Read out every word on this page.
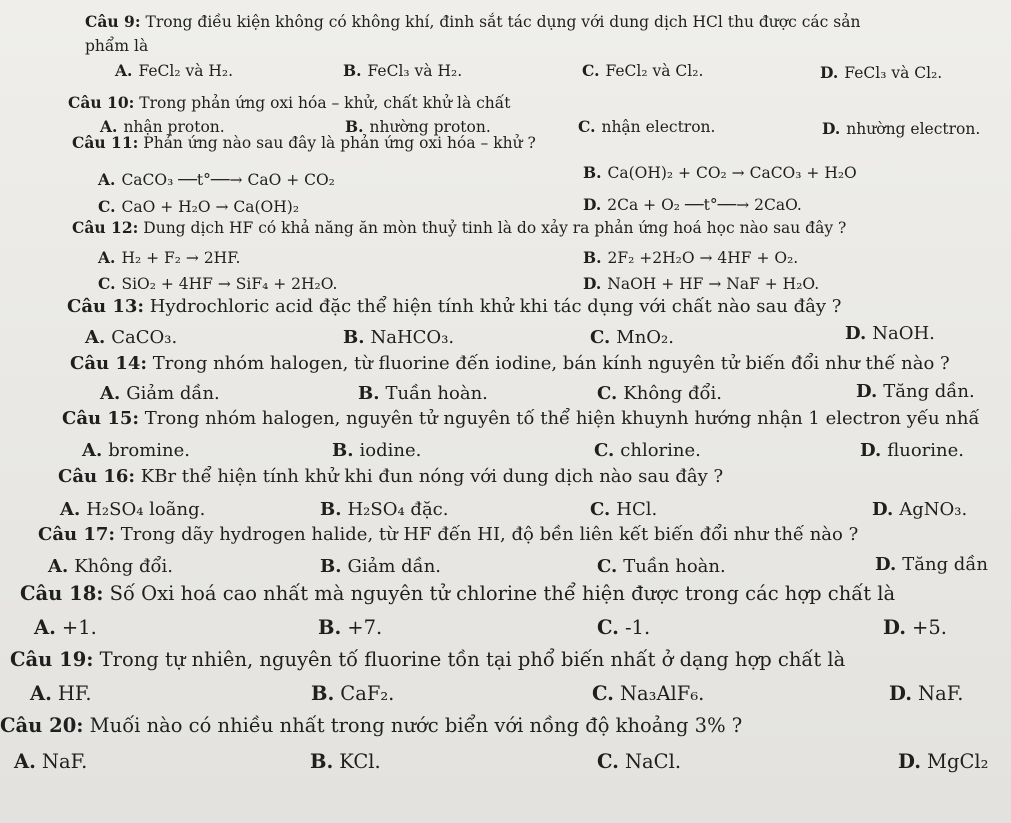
Câu 9: Trong điều kiện không có không khí, đinh sắt tác dụng với dung dịch HCl thu được các sản
phẩm là
A. FeCl₂ và H₂.	B. FeCl₃ và H₂.	C. FeCl₂ và Cl₂.	D. FeCl₃ và Cl₂.
Câu 10: Trong phản ứng oxi hóa – khử, chất khử là chất
A. nhận proton.	B. nhường proton.	C. nhận electron.	D. nhường electron.
Câu 11: Phản ứng nào sau đây là phản ứng oxi hóa – khử ?
A. CaCO₃ ──t°──→ CaO + CO₂	B. Ca(OH)₂ + CO₂ → CaCO₃ + H₂O
C. CaO + H₂O → Ca(OH)₂	D. 2Ca + O₂ ──t°──→ 2CaO.
Câu 12: Dung dịch HF có khả năng ăn mòn thuỷ tinh là do xảy ra phản ứng hoá học nào sau đây ?
A. H₂ + F₂ → 2HF.	B. 2F₂ +2H₂O → 4HF + O₂.
C. SiO₂ + 4HF → SiF₄ + 2H₂O.	D. NaOH + HF → NaF + H₂O.
Câu 13: Hydrochloric acid đặc thể hiện tính khử khi tác dụng với chất nào sau đây ?
A. CaCO₃.	B. NaHCO₃.	C. MnO₂.	D. NaOH.
Câu 14: Trong nhóm halogen, từ fluorine đến iodine, bán kính nguyên tử biến đổi như thế nào ?
A. Giảm dần.	B. Tuần hoàn.	C. Không đổi.	D. Tăng dần.
Câu 15: Trong nhóm halogen, nguyên tử nguyên tố thể hiện khuynh hướng nhận 1 electron yếu nhấ
A. bromine.	B. iodine.	C. chlorine.	D. fluorine.
Câu 16: KBr thể hiện tính khử khi đun nóng với dung dịch nào sau đây ?
A. H₂SO₄ loãng.	B. H₂SO₄ đặc.	C. HCl.	D. AgNO₃.
Câu 17: Trong dãy hydrogen halide, từ HF đến HI, độ bền liên kết biến đổi như thế nào ?
A. Không đổi.	B. Giảm dần.	C. Tuần hoàn.	D. Tăng dần
Câu 18: Số Oxi hoá cao nhất mà nguyên tử chlorine thể hiện được trong các hợp chất là
A. +1.	B. +7.	C. -1.	D. +5.
Câu 19: Trong tự nhiên, nguyên tố fluorine tồn tại phổ biến nhất ở dạng hợp chất là
A. HF.	B. CaF₂.	C. Na₃AlF₆.	D. NaF.
Câu 20: Muối nào có nhiều nhất trong nước biển với nồng độ khoảng 3% ?
A. NaF.	B. KCl.	C. NaCl.	D. MgCl₂
